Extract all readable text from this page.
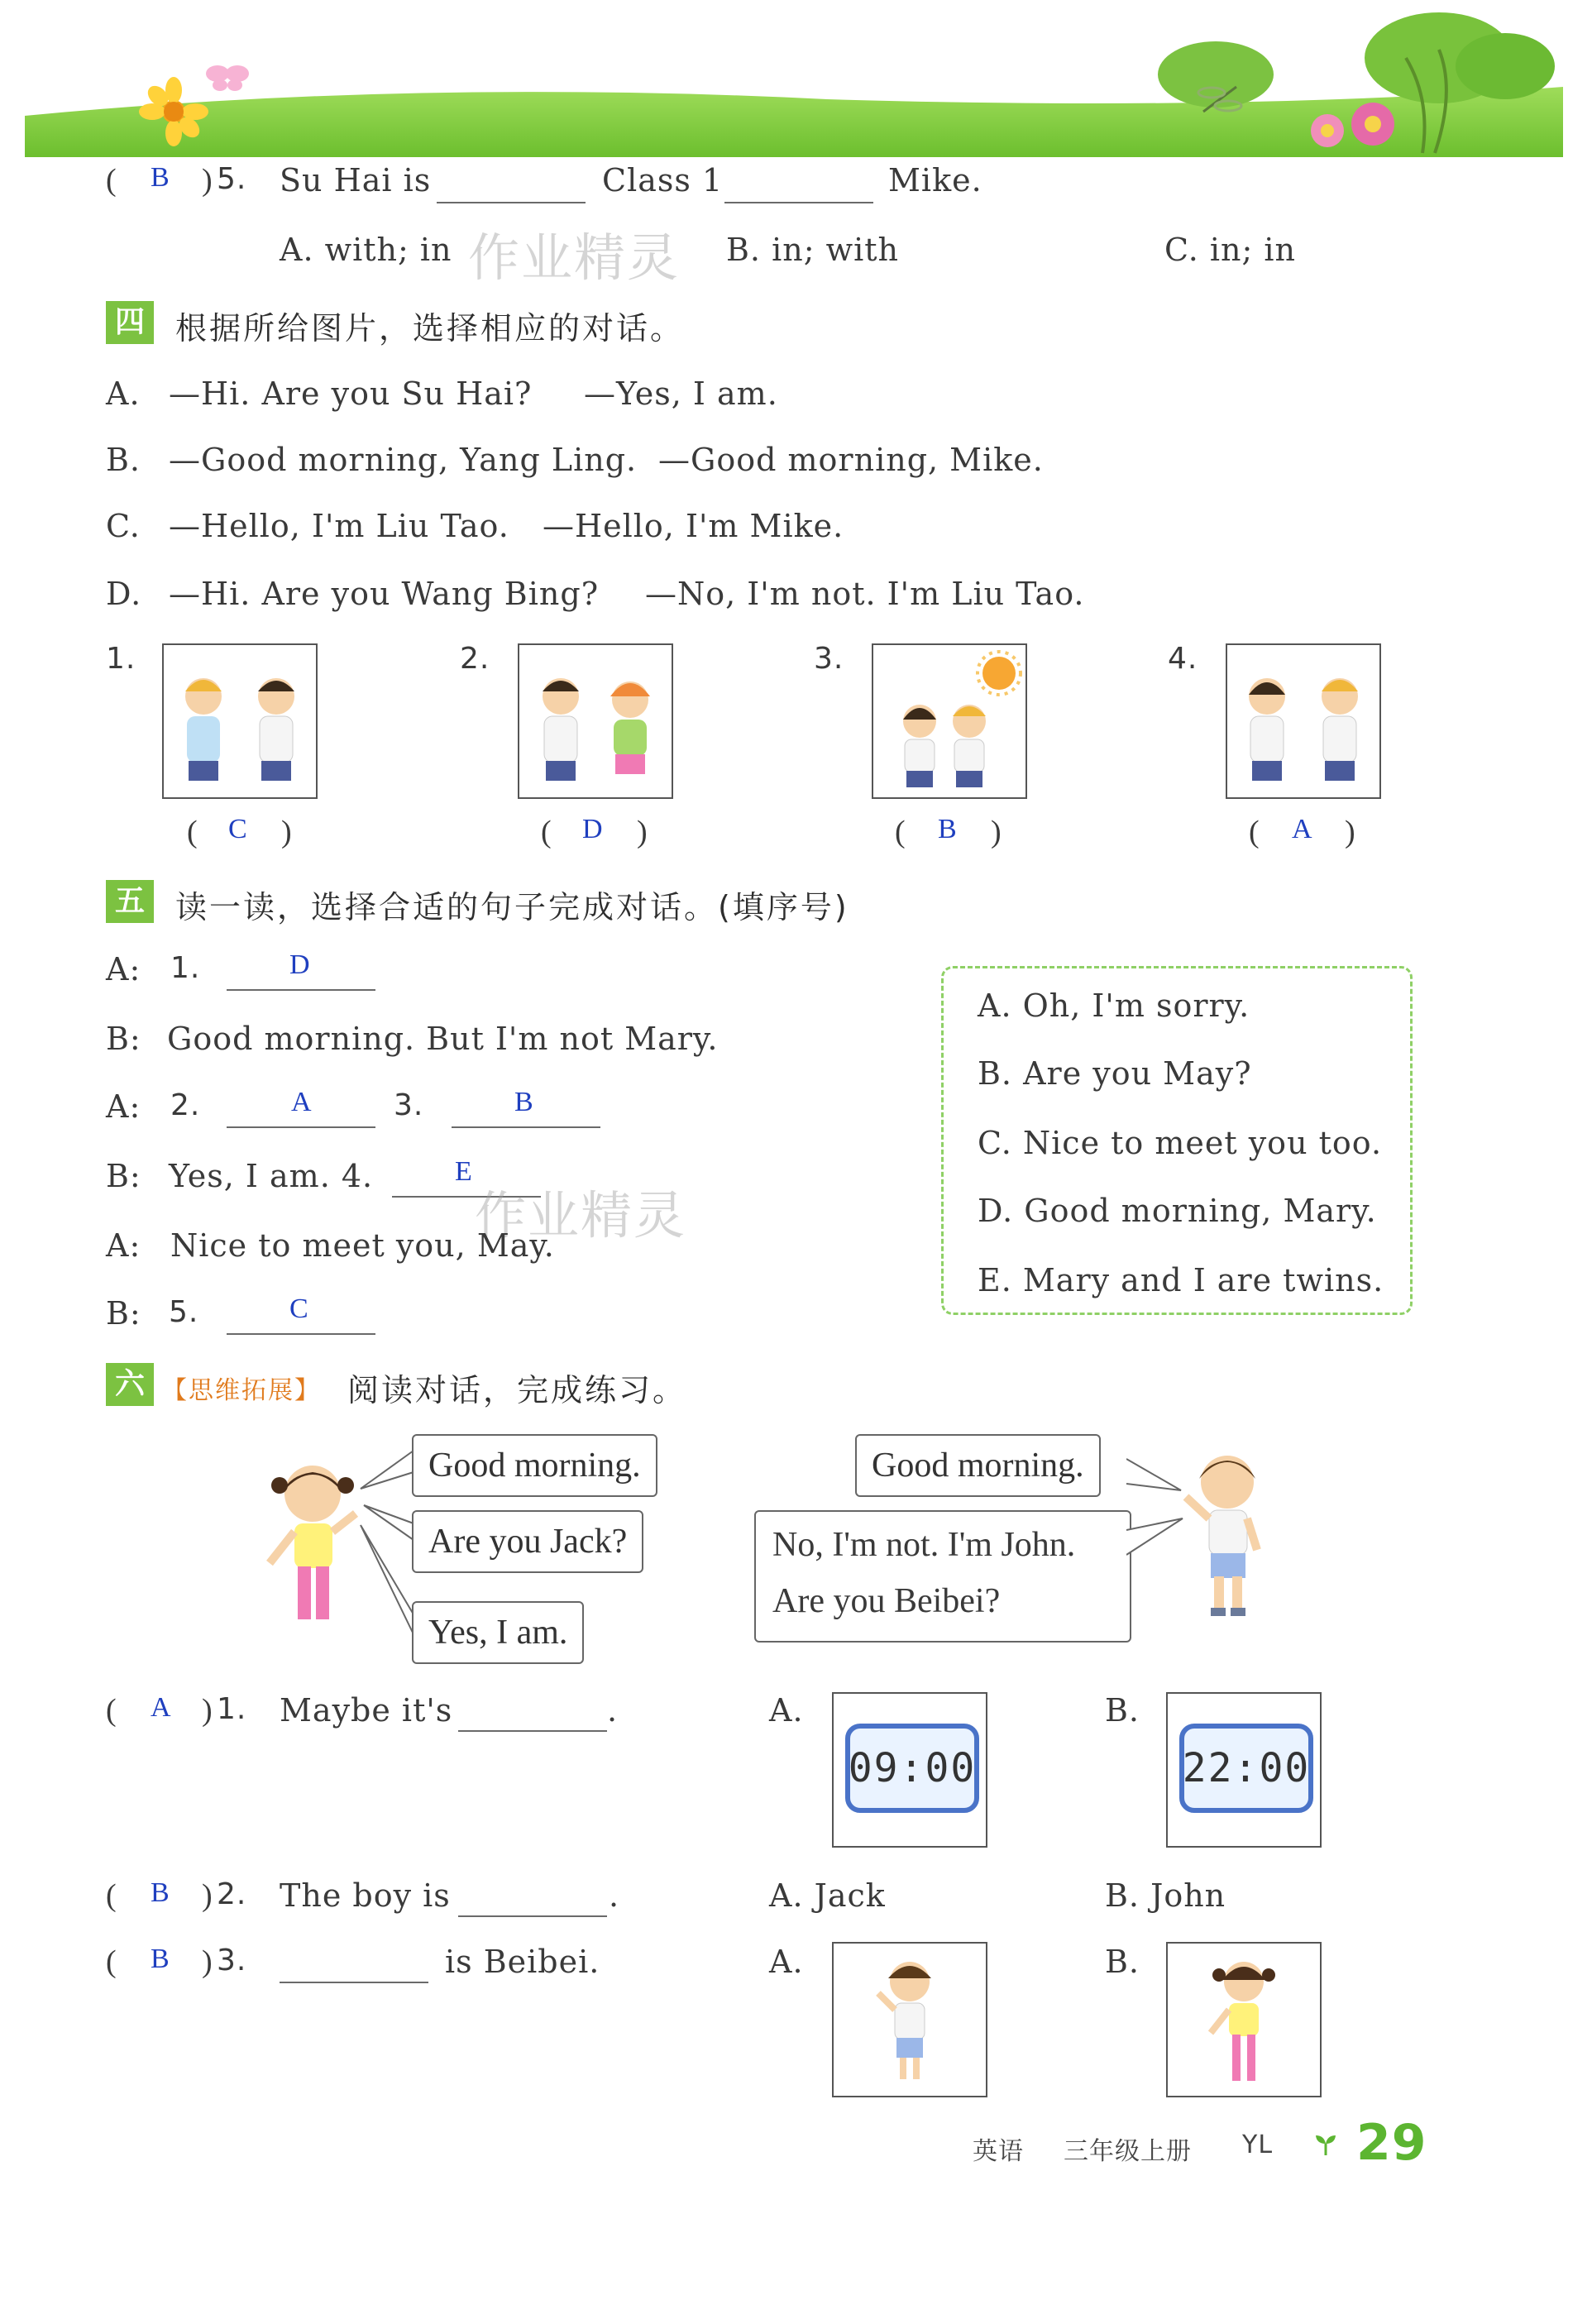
( B ) 5. Su Hai is	Class 1	Mike.
A. with; in	B. in; with	C. in; in
作业精灵
四 根据所给图片，选择相应的对话。
A. —Hi. Are you Su Hai? —Yes, I am.
B. —Good morning, Yang Ling. —Good morning, Mike.
C. —Hello, I'm Liu Tao. —Hello, I'm Mike.
D. —Hi. Are you Wang Bing? —No, I'm not. I'm Liu Tao.
1.
( C )
2.
( D )
3.
( B )
4.
( A )
五 读一读，选择合适的句子完成对话。(填序号)
A: 1.	D
B: Good morning. But I'm not Mary.
A: 2.	A	3.	B
B: Yes, I am. 4.	E
作业精灵
A: Nice to meet you, May.
B: 5.	C
A. Oh, I'm sorry.
B. Are you May?
C. Nice to meet you too.
D. Good morning, Mary.
E. Mary and I are twins.
六 【思维拓展】 阅读对话，完成练习。
Good morning.
Are you Jack?
Yes, I am.
Good morning.
No, I'm not. I'm John.
Are you Beibei?
( A ) 1. Maybe it's	.	A.
09:00
B.
22:00
( B ) 2. The boy is	.	A. Jack	B. John
( B ) 3.	is Beibei.	A.	B.
英语 三年级上册 YL 29
